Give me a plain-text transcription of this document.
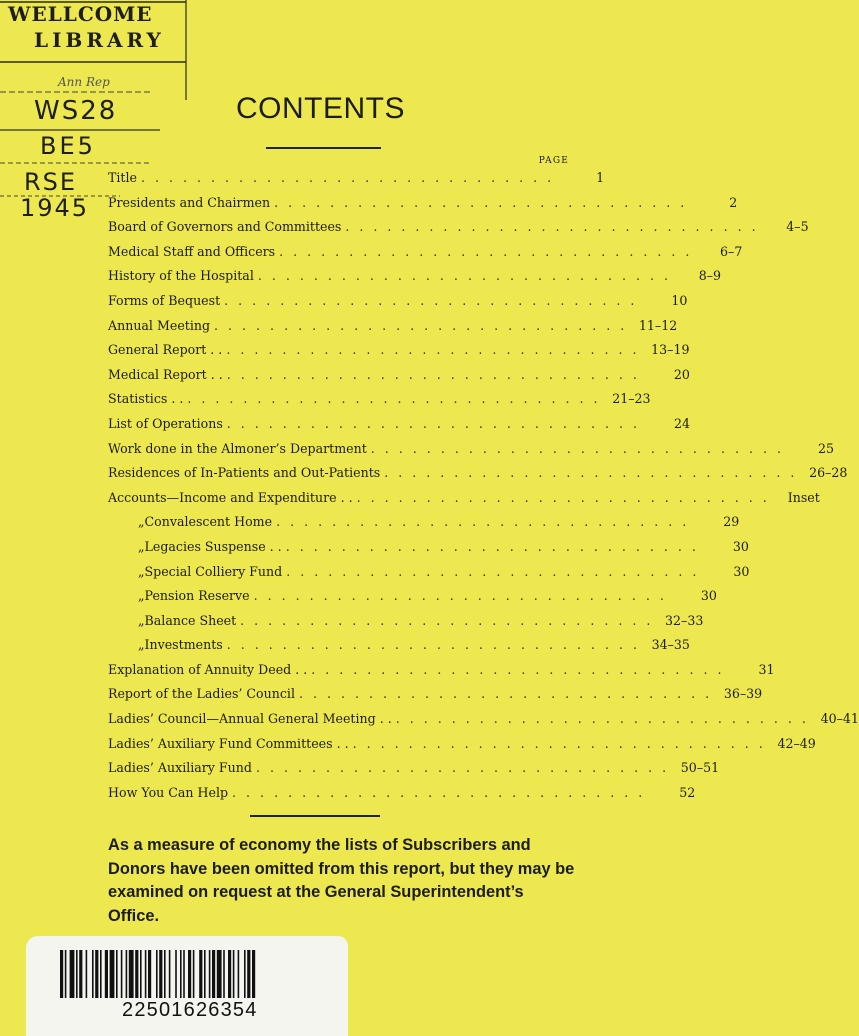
WELLCOME
LIBRARY
Ann Rep
WS28
BE5
RSE
1945
CONTENTS
PAGE
Title . . . . . . . . . . . . . . . . . . . . . . . . . . . . . .	1
Presidents and Chairmen . . . . . . . . . . . . . . . . . . . . . . . . . . . . . .	2
Board of Governors and Committees . . . . . . . . . . . . . . . . . . . . . . . . . . . . . .	4–5
Medical Staff and Officers . . . . . . . . . . . . . . . . . . . . . . . . . . . . . .	6–7
History of the Hospital . . . . . . . . . . . . . . . . . . . . . . . . . . . . . .	8–9
Forms of Bequest . . . . . . . . . . . . . . . . . . . . . . . . . . . . . .	10
Annual Meeting . . . . . . . . . . . . . . . . . . . . . . . . . . . . . . 11–12
General Report . . . . . . . . . . . . . . . . . . . . . . . . . . . . . . . . 13–19
Medical Report . . . . . . . . . . . . . . . . . . . . . . . . . . . . . . . .	20
Statistics . . . . . . . . . . . . . . . . . . . . . . . . . . . . . . . . 21–23
List of Operations . . . . . . . . . . . . . . . . . . . . . . . . . . . . . .	24
Work done in the Almoner’s Department . . . . . . . . . . . . . . . . . . . . . . . . . . . . . .	25
Residences of In-Patients and Out-Patients . . . . . . . . . . . . . . . . . . . . . . . . . . . . . . 26–28
Accounts—Income and Expenditure . . . . . . . . . . . . . . . . . . . . . . . . . . . . . . . .	Inset
„ Convalescent Home . . . . . . . . . . . . . . . . . . . . . . . . . . . . . .	29
„ Legacies Suspense . . . . . . . . . . . . . . . . . . . . . . . . . . . . . . . .	30
„ Special Colliery Fund . . . . . . . . . . . . . . . . . . . . . . . . . . . . . .	30
„ Pension Reserve . . . . . . . . . . . . . . . . . . . . . . . . . . . . . .	30
„ Balance Sheet . . . . . . . . . . . . . . . . . . . . . . . . . . . . . . 32–33
„ Investments . . . . . . . . . . . . . . . . . . . . . . . . . . . . . . 34–35
Explanation of Annuity Deed . . . . . . . . . . . . . . . . . . . . . . . . . . . . . . . .	31
Report of the Ladies’ Council . . . . . . . . . . . . . . . . . . . . . . . . . . . . . . 36–39
Ladies’ Council—Annual General Meeting . . . . . . . . . . . . . . . . . . . . . . . . . . . . . . . . 40–41
Ladies’ Auxiliary Fund Committees . . . . . . . . . . . . . . . . . . . . . . . . . . . . . . . . 42–49
Ladies’ Auxiliary Fund . . . . . . . . . . . . . . . . . . . . . . . . . . . . . . 50–51
How You Can Help . . . . . . . . . . . . . . . . . . . . . . . . . . . . . .	52

As a measure of economy the lists of Subscribers and Donors have been omitted from this report, but they may be examined on request at the General Superintendent’s Office.

22501626354
